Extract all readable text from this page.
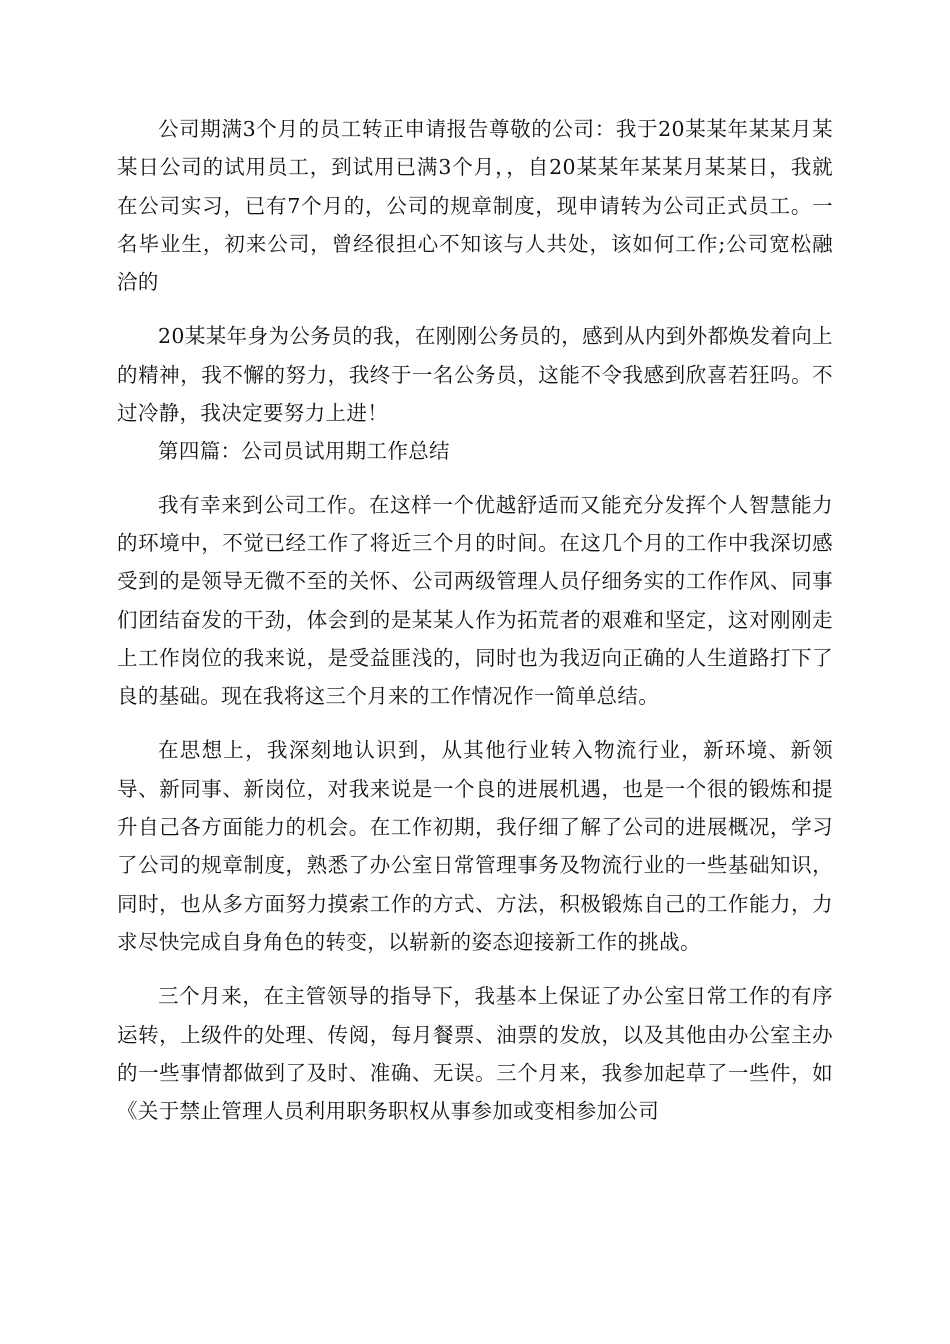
公司期满3个月的员工转正申请报告尊敬的公司：我于20某某年某某月某某日公司的试用员工，到试用已满3个月，，自20某某年某某月某某日，我就在公司实习，已有7个月的，公司的规章制度，现申请转为公司正式员工。一名毕业生，初来公司，曾经很担心不知该与人共处，该如何工作;公司宽松融洽的

20某某年身为公务员的我，在刚刚公务员的，感到从内到外都焕发着向上的精神，我不懈的努力，我终于一名公务员，这能不令我感到欣喜若狂吗。不过冷静，我决定要努力上进！

第四篇：公司员试用期工作总结

我有幸来到公司工作。在这样一个优越舒适而又能充分发挥个人智慧能力的环境中，不觉已经工作了将近三个月的时间。在这几个月的工作中我深切感受到的是领导无微不至的关怀、公司两级管理人员仔细务实的工作作风、同事们团结奋发的干劲，体会到的是某某人作为拓荒者的艰难和坚定，这对刚刚走上工作岗位的我来说，是受益匪浅的，同时也为我迈向正确的人生道路打下了良的基础。现在我将这三个月来的工作情况作一简单总结。

在思想上，我深刻地认识到，从其他行业转入物流行业，新环境、新领导、新同事、新岗位，对我来说是一个良的进展机遇，也是一个很的锻炼和提升自己各方面能力的机会。在工作初期，我仔细了解了公司的进展概况，学习了公司的规章制度，熟悉了办公室日常管理事务及物流行业的一些基础知识，同时，也从多方面努力摸索工作的方式、方法，积极锻炼自己的工作能力，力求尽快完成自身角色的转变，以崭新的姿态迎接新工作的挑战。

三个月来，在主管领导的指导下，我基本上保证了办公室日常工作的有序运转，上级件的处理、传阅，每月餐票、油票的发放，以及其他由办公室主办的一些事情都做到了及时、准确、无误。三个月来，我参加起草了一些件，如《关于禁止管理人员利用职务职权从事参加或变相参加公司
